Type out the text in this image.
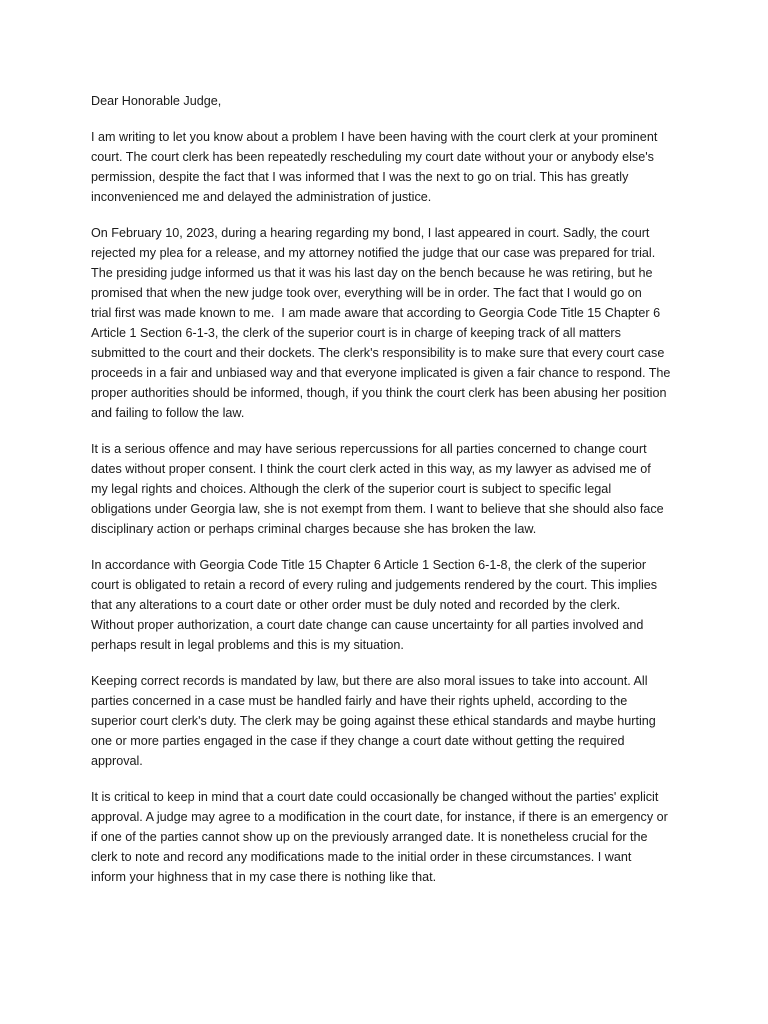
Dear Honorable Judge,

I am writing to let you know about a problem I have been having with the court clerk at your prominent
court. The court clerk has been repeatedly rescheduling my court date without your or anybody else's
permission, despite the fact that I was informed that I was the next to go on trial. This has greatly
inconvenienced me and delayed the administration of justice.

On February 10, 2023, during a hearing regarding my bond, I last appeared in court. Sadly, the court
rejected my plea for a release, and my attorney notified the judge that our case was prepared for trial.
The presiding judge informed us that it was his last day on the bench because he was retiring, but he
promised that when the new judge took over, everything will be in order. The fact that I would go on
trial first was made known to me.  I am made aware that according to Georgia Code Title 15 Chapter 6
Article 1 Section 6-1-3, the clerk of the superior court is in charge of keeping track of all matters
submitted to the court and their dockets. The clerk's responsibility is to make sure that every court case
proceeds in a fair and unbiased way and that everyone implicated is given a fair chance to respond. The
proper authorities should be informed, though, if you think the court clerk has been abusing her position
and failing to follow the law.

It is a serious offence and may have serious repercussions for all parties concerned to change court
dates without proper consent. I think the court clerk acted in this way, as my lawyer as advised me of
my legal rights and choices. Although the clerk of the superior court is subject to specific legal
obligations under Georgia law, she is not exempt from them. I want to believe that she should also face
disciplinary action or perhaps criminal charges because she has broken the law.

In accordance with Georgia Code Title 15 Chapter 6 Article 1 Section 6-1-8, the clerk of the superior
court is obligated to retain a record of every ruling and judgements rendered by the court. This implies
that any alterations to a court date or other order must be duly noted and recorded by the clerk.
Without proper authorization, a court date change can cause uncertainty for all parties involved and
perhaps result in legal problems and this is my situation.

Keeping correct records is mandated by law, but there are also moral issues to take into account. All
parties concerned in a case must be handled fairly and have their rights upheld, according to the
superior court clerk's duty. The clerk may be going against these ethical standards and maybe hurting
one or more parties engaged in the case if they change a court date without getting the required
approval.

It is critical to keep in mind that a court date could occasionally be changed without the parties' explicit
approval. A judge may agree to a modification in the court date, for instance, if there is an emergency or
if one of the parties cannot show up on the previously arranged date. It is nonetheless crucial for the
clerk to note and record any modifications made to the initial order in these circumstances. I want
inform your highness that in my case there is nothing like that.
